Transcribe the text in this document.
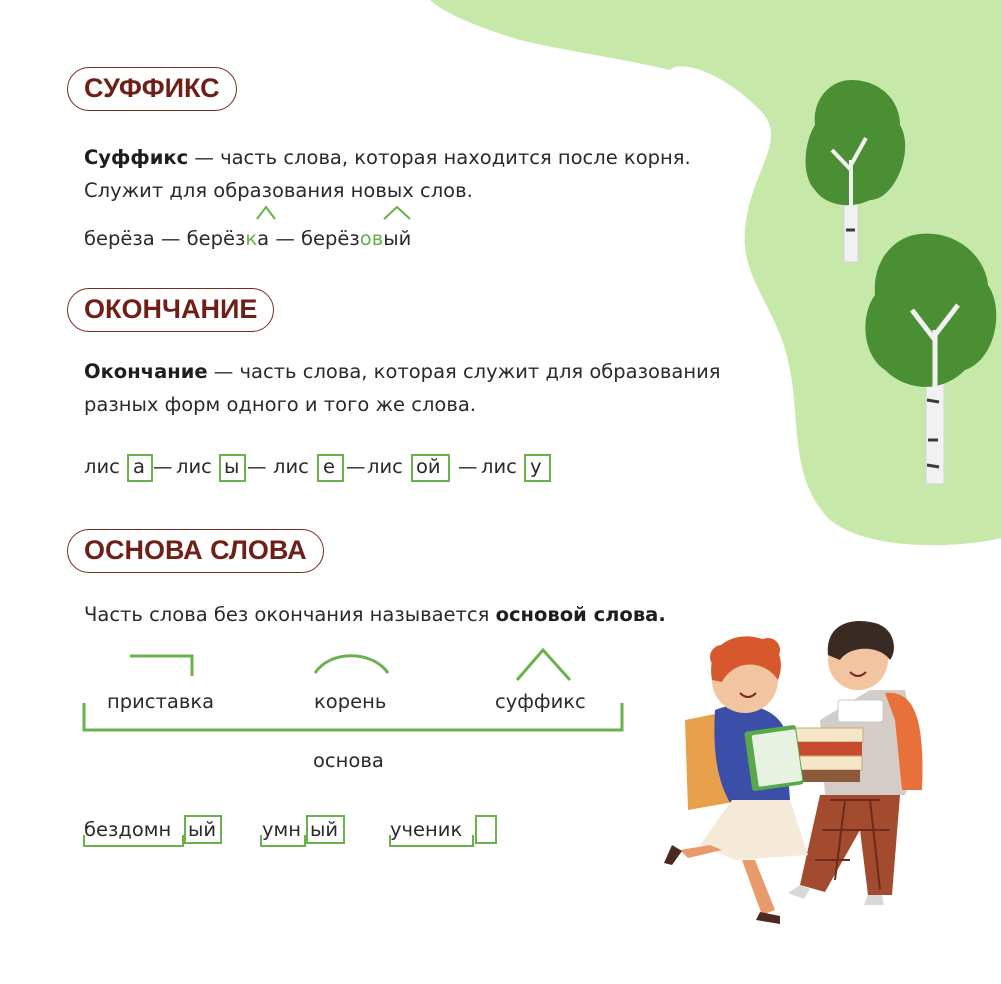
СУФФИКС
Суффикс — часть слова, которая находится после корня.
Служит для образования новых слов.
берёза — берёзка — берёзовый
ОКОНЧАНИЕ
Окончание — часть слова, которая служит для образования
разных форм одного и того же слова.
лис а — лис ы — лис е — лис ой — лис у
ОСНОВА СЛОВА
Часть слова без окончания называется основой слова.
приставка	корень	суффикс
основа
бездомн ый умн ый	ученик
